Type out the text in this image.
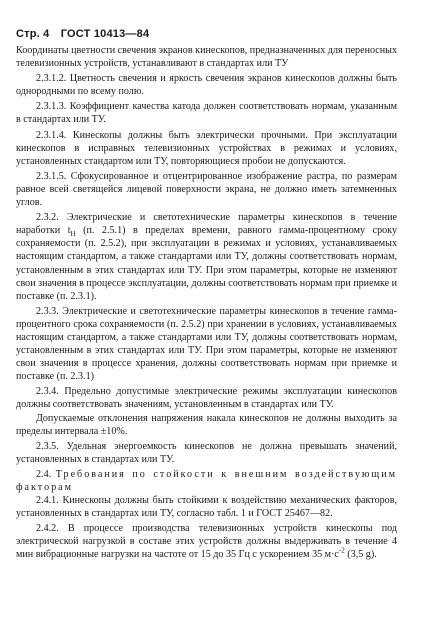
Стр. 4 ГОСТ 10413—84

Координаты цветности свечения экранов кинескопов, предназначенных для переносных телевизионных устройств, устанавливают в стандартах или ТУ

2.3.1.2. Цветность свечения и яркость свечения экранов кинескопов должны быть однородными по всему полю.

2.3.1.3. Коэффициент качества катода должен соответствовать нормам, указанным в стандартах или ТУ.

2.3.1.4. Кинескопы должны быть электрически прочными. При эксплуатации кинескопов в исправных телевизионных устройствах в режимах и условиях, установленных стандартом или ТУ, повторяющиеся пробои не допускаются.

2.3.1.5. Сфокусированное и отцентрированное изображение растра, по размерам равное всей светящейся лицевой поверхности экрана, не должно иметь затемненных углов.

2.3.2. Электрические и светотехнические параметры кинескопов в течение наработки $t_H$ (п. 2.5.1) в пределах времени, равного гамма-процентному сроку сохраняемости (п. 2.5.2), при эксплуатации в режимах и условиях, устанавливаемых настоящим стандартом, а также стандартами или ТУ, должны соответствовать нормам, установленным в этих стандартах или ТУ. При этом параметры, которые не изменяют свои значения в процессе эксплуатации, должны соответствовать нормам при приемке и поставке (п. 2.3.1).

2.3.3. Электрические и светотехнические параметры кинескопов в течение гамма-процентного срока сохраняемости (п. 2.5.2) при хранении в условиях, устанавливаемых настоящим стандартом, а также стандартами или ТУ, должны соответствовать нормам, установленным в этих стандартах или ТУ. При этом параметры, которые не изменяют свои значения в процессе хранения, должны соответствовать нормам при приемке и поставке (п. 2.3.1)

2.3.4. Предельно допустимые электрические режимы эксплуатации кинескопов должны соответствовать значениям, установленным в стандартах или ТУ.

Допускаемые отклонения напряжения накала кинескопов не должны выходить за пределы интервала ±10%.

2.3.5. Удельная энергоемкость кинескопов не должна превышать значений, установленных в стандартах или ТУ.

2.4. Требования по стойкости к внешним воздействующим факторам

2.4.1. Кинескопы должны быть стойкими к воздействию механических факторов, установленных в стандартах или ТУ, согласно табл. 1 и ГОСТ 25467—82.

2.4.2. В процессе производства телевизионных устройств кинескопы под электрической нагрузкой в составе этих устройств должны выдерживать в течение 4 мин вибрационные нагрузки на частоте от 15 до 35 Гц с ускорением 35 $м\cdot с^{-2}$ (3,5 g).
